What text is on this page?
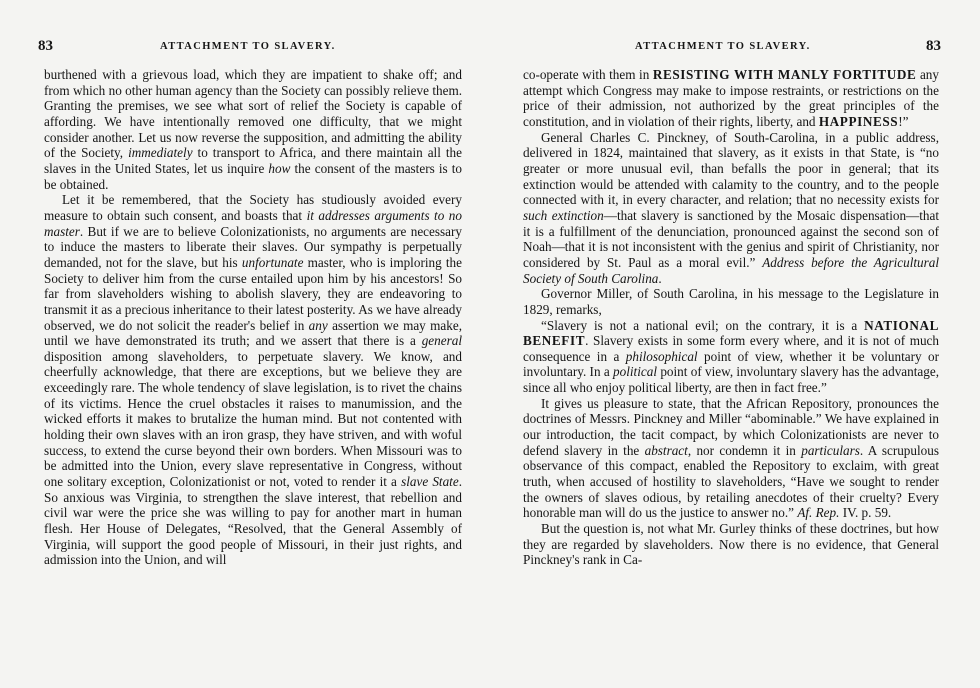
83	ATTACHMENT TO SLAVERY.

burthened with a grievous load, which they are impatient to shake off; and from which no other human agency than the Society can possibly relieve them. Granting the premises, we see what sort of relief the Society is capable of affording. We have intentionally removed one difficulty, that we might consider another. Let us now reverse the supposition, and admitting the ability of the Society, immediately to transport to Africa, and there maintain all the slaves in the United States, let us inquire how the consent of the masters is to be obtained.

Let it be remembered, that the Society has studiously avoided every measure to obtain such consent, and boasts that it addresses arguments to no master. But if we are to believe Colonizationists, no arguments are necessary to induce the masters to liberate their slaves. Our sympathy is perpetually demanded, not for the slave, but his unfortunate master, who is imploring the Society to deliver him from the curse entailed upon him by his ancestors! So far from slaveholders wishing to abolish slavery, they are endeavoring to transmit it as a precious inheritance to their latest posterity. As we have already observed, we do not solicit the reader's belief in any assertion we may make, until we have demonstrated its truth; and we assert that there is a general disposition among slaveholders, to perpetuate slavery. We know, and cheerfully acknowledge, that there are exceptions, but we believe they are exceedingly rare. The whole tendency of slave legislation, is to rivet the chains of its victims. Hence the cruel obstacles it raises to manumission, and the wicked efforts it makes to brutalize the human mind. But not contented with holding their own slaves with an iron grasp, they have striven, and with woful success, to extend the curse beyond their own borders. When Missouri was to be admitted into the Union, every slave representative in Congress, without one solitary exception, Colonizationist or not, voted to render it a slave State. So anxious was Virginia, to strengthen the slave interest, that rebellion and civil war were the price she was willing to pay for another mart in human flesh. Her House of Delegates, “Resolved, that the General Assembly of Virginia, will support the good people of Missouri, in their just rights, and admission into the Union, and will

ATTACHMENT TO SLAVERY.	83

co-operate with them in RESISTING WITH MANLY FORTITUDE any attempt which Congress may make to impose restraints, or restrictions on the price of their admission, not authorized by the great principles of the constitution, and in violation of their rights, liberty, and HAPPINESS!”

General Charles C. Pinckney, of South-Carolina, in a public address, delivered in 1824, maintained that slavery, as it exists in that State, is “no greater or more unusual evil, than befalls the poor in general; that its extinction would be attended with calamity to the country, and to the people connected with it, in every character, and relation; that no necessity exists for such extinction—that slavery is sanctioned by the Mosaic dispensation—that it is a fulfillment of the denunciation, pronounced against the second son of Noah—that it is not inconsistent with the genius and spirit of Christianity, nor considered by St. Paul as a moral evil.” Address before the Agricultural Society of South Carolina.

Governor Miller, of South Carolina, in his message to the Legislature in 1829, remarks,

“Slavery is not a national evil; on the contrary, it is a NATIONAL BENEFIT. Slavery exists in some form every where, and it is not of much consequence in a philosophical point of view, whether it be voluntary or involuntary. In a political point of view, involuntary slavery has the advantage, since all who enjoy political liberty, are then in fact free.”

It gives us pleasure to state, that the African Repository, pronounces the doctrines of Messrs. Pinckney and Miller “abominable.” We have explained in our introduction, the tacit compact, by which Colonizationists are never to defend slavery in the abstract, nor condemn it in particulars. A scrupulous observance of this compact, enabled the Repository to exclaim, with great truth, when accused of hostility to slaveholders, “Have we sought to render the owners of slaves odious, by retailing anecdotes of their cruelty? Every honorable man will do us the justice to answer no.” Af. Rep. IV. p. 59.

But the question is, not what Mr. Gurley thinks of these doctrines, but how they are regarded by slaveholders. Now there is no evidence, that General Pinckney's rank in Ca-
